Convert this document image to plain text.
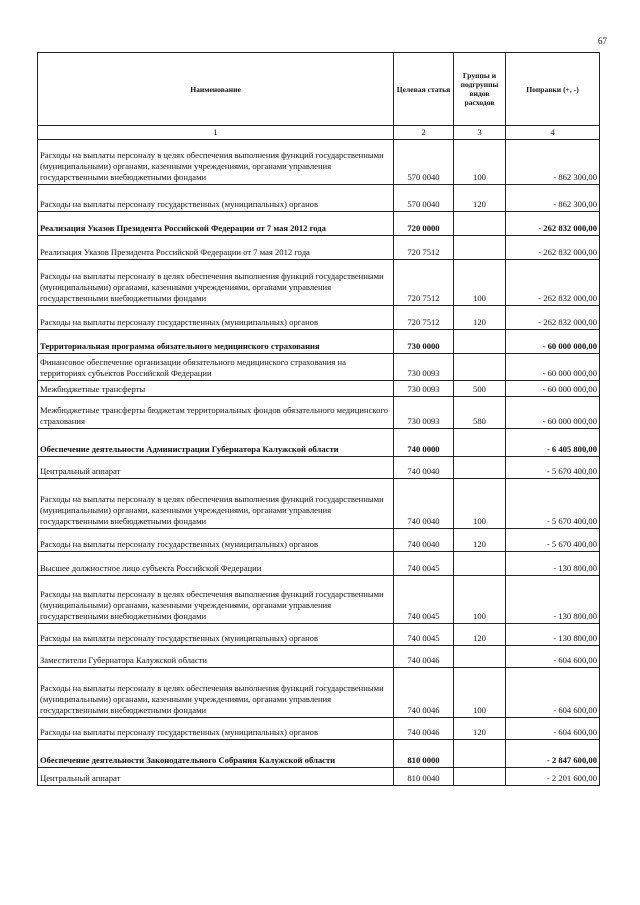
67
Наименование	Целевая статья	Группы и подгруппы видов расходов	Поправки (+, -)
1	2	3	4
Расходы на выплаты персоналу в целях обеспечения выполнения функций государственными (муниципальными) органами, казенными учреждениями, органами управления государственными внебюджетными фондами	570 0040	100	- 862 300,00
Расходы на выплаты персоналу государственных (муниципальных) органов	570 0040	120	- 862 300,00
Реализация Указов Президента Российской Федерации от 7 мая 2012 года	720 0000		- 262 832 000,00
Реализация Указов Президента Российской Федерации от 7 мая 2012 года	720 7512		- 262 832 000,00
Расходы на выплаты персоналу в целях обеспечения выполнения функций государственными (муниципальными) органами, казенными учреждениями, органами управления государственными внебюджетными фондами	720 7512	100	- 262 832 000,00
Расходы на выплаты персоналу государственных (муниципальных) органов	720 7512	120	- 262 832 000,00
Территориальная программа обязательного медицинского страхования	730 0000		- 60 000 000,00
Финансовое обеспечение организации обязательного медицинского страхования на территориях субъектов Российской Федерации	730 0093		- 60 000 000,00
Межбюджетные трансферты	730 0093	500	- 60 000 000,00
Межбюджетные трансферты бюджетам территориальных фондов обязательного медицинского страхования	730 0093	580	- 60 000 000,00
Обеспечение деятельности Администрации Губернатора Калужской области	740 0000		- 6 405 800,00
Центральный аппарат	740 0040		- 5 670 400,00
Расходы на выплаты персоналу в целях обеспечения выполнения функций государственными (муниципальными) органами, казенными учреждениями, органами управления государственными внебюджетными фондами	740 0040	100	- 5 670 400,00
Расходы на выплаты персоналу государственных (муниципальных) органов	740 0040	120	- 5 670 400,00
Высшее должностное лицо субъекта Российской Федерации	740 0045		- 130 800,00
Расходы на выплаты персоналу в целях обеспечения выполнения функций государственными (муниципальными) органами, казенными учреждениями, органами управления государственными внебюджетными фондами	740 0045	100	- 130 800,00
Расходы на выплаты персоналу государственных (муниципальных) органов	740 0045	120	- 130 800,00
Заместители Губернатора Калужской области	740 0046		- 604 600,00
Расходы на выплаты персоналу в целях обеспечения выполнения функций государственными (муниципальными) органами, казенными учреждениями, органами управления государственными внебюджетными фондами	740 0046	100	- 604 600,00
Расходы на выплаты персоналу государственных (муниципальных) органов	740 0046	120	- 604 600,00
Обеспечение деятельности Законодательного Собрания Калужской области	810 0000		- 2 847 600,00
Центральный аппарат	810 0040		- 2 201 600,00
